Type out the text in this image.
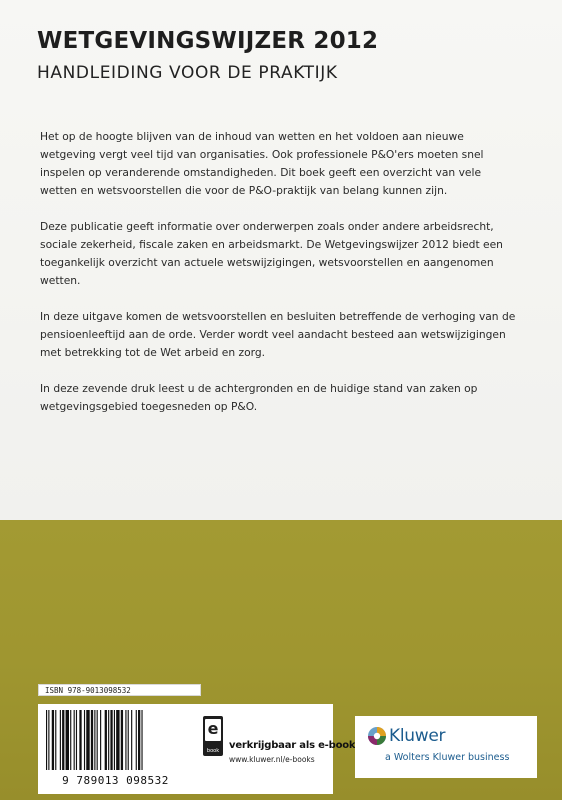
WETGEVINGSWIJZER 2012
HANDLEIDING VOOR DE PRAKTIJK

Het op de hoogte blijven van de inhoud van wetten en het voldoen aan nieuwe wetgeving vergt veel tijd van organisaties. Ook professionele P&O'ers moeten snel inspelen op veranderende omstandigheden. Dit boek geeft een overzicht van vele wetten en wetsvoorstellen die voor de P&O-praktijk van belang kunnen zijn.

Deze publicatie geeft informatie over onderwerpen zoals onder andere arbeidsrecht, sociale zekerheid, fiscale zaken en arbeidsmarkt. De Wetgevingswijzer 2012 biedt een toegankelijk overzicht van actuele wetswijzigingen, wetsvoorstellen en aangenomen wetten.

In deze uitgave komen de wetsvoorstellen en besluiten betreffende de verhoging van de pensioenleeftijd aan de orde. Verder wordt veel aandacht besteed aan wetswijzigingen met betrekking tot de Wet arbeid en zorg.

In deze zevende druk leest u de achtergronden en de huidige stand van zaken op wetgevingsgebied toegesneden op P&O.

ISBN 978-9013098532
9 789013 098532
e
book verkrijgbaar als e-book
www.kluwer.nl/e-books
Kluwer
a Wolters Kluwer business
